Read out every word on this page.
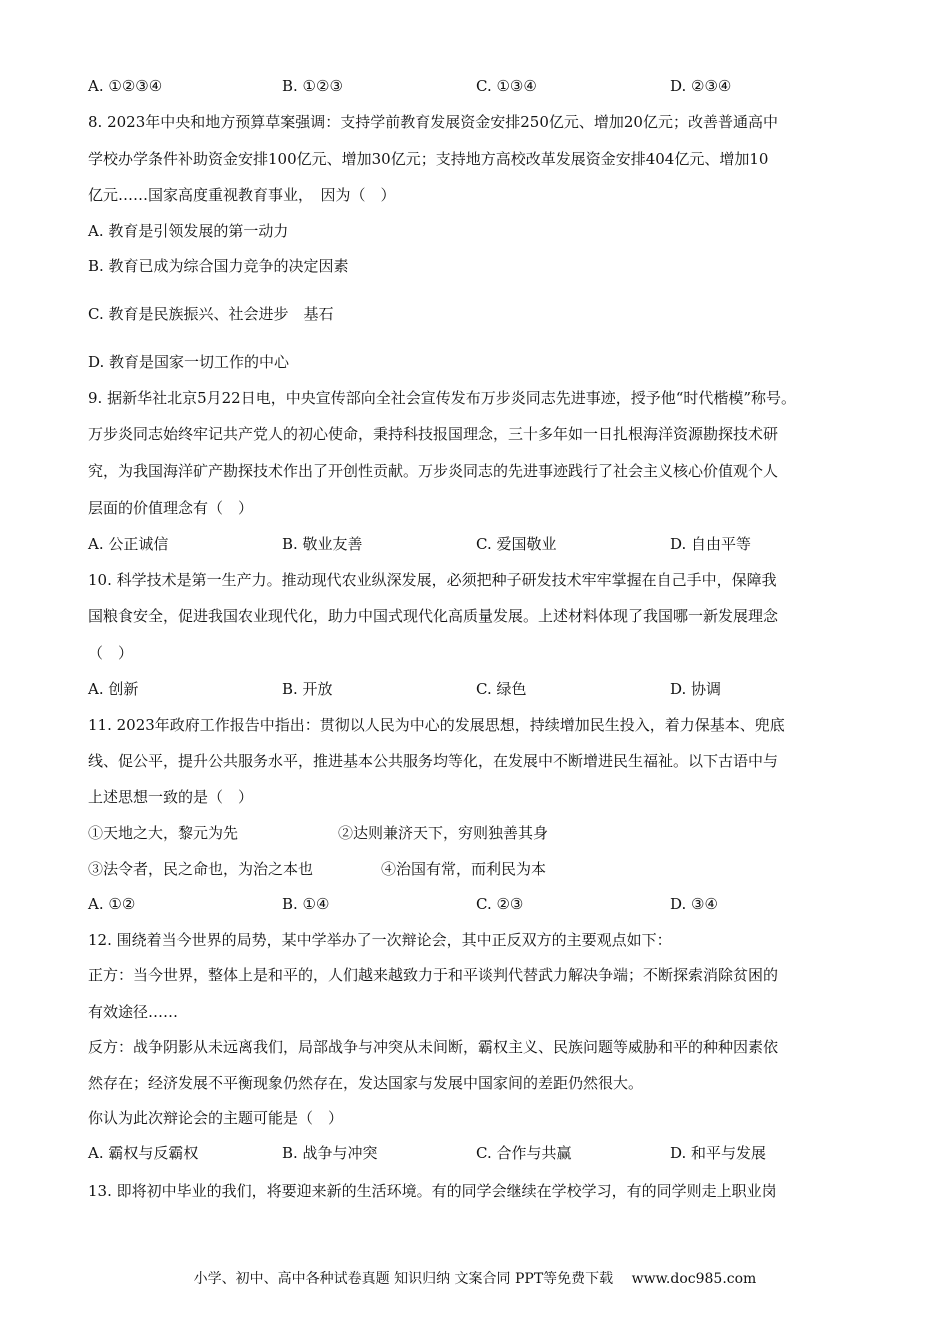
A. ①②③④	B. ①②③	C. ①③④	D. ②③④
8. 2023年中央和地方预算草案强调：支持学前教育发展资金安排250亿元、增加20亿元；改善普通高中
学校办学条件补助资金安排100亿元、增加30亿元；支持地方高校改革发展资金安排404亿元、增加10
亿元……国家高度重视教育事业，　因为（　）
A. 教育是引领发展的第一动力
B. 教育已成为综合国力竞争的决定因素
C. 教育是民族振兴、社会进步　基石
D. 教育是国家一切工作的中心
9. 据新华社北京5月22日电，中央宣传部向全社会宣传发布万步炎同志先进事迹，授予他“时代楷模”称号。
万步炎同志始终牢记共产党人的初心使命，秉持科技报国理念，三十多年如一日扎根海洋资源勘探技术研
究，为我国海洋矿产勘探技术作出了开创性贡献。万步炎同志的先进事迹践行了社会主义核心价值观个人
层面的价值理念有（　）
A. 公正诚信	B. 敬业友善	C. 爱国敬业	D. 自由平等
10. 科学技术是第一生产力。推动现代农业纵深发展，必须把种子研发技术牢牢掌握在自己手中，保障我
国粮食安全，促进我国农业现代化，助力中国式现代化高质量发展。上述材料体现了我国哪一新发展理念
（　）
A. 创新	B. 开放	C. 绿色	D. 协调
11. 2023年政府工作报告中指出：贯彻以人民为中心的发展思想，持续增加民生投入，着力保基本、兜底
线、促公平，提升公共服务水平，推进基本公共服务均等化，在发展中不断增进民生福祉。以下古语中与
上述思想一致的是（　）
①天地之大，黎元为先	②达则兼济天下，穷则独善其身
③法令者，民之命也，为治之本也	④治国有常，而利民为本
A. ①②	B. ①④	C. ②③	D. ③④
12. 围绕着当今世界的局势，某中学举办了一次辩论会，其中正反双方的主要观点如下：
正方：当今世界，整体上是和平的，人们越来越致力于和平谈判代替武力解决争端；不断探索消除贫困的
有效途径……
反方：战争阴影从未远离我们，局部战争与冲突从未间断，霸权主义、民族问题等威胁和平的种种因素依
然存在；经济发展不平衡现象仍然存在，发达国家与发展中国家间的差距仍然很大。
你认为此次辩论会的主题可能是（　）
A. 霸权与反霸权	B. 战争与冲突	C. 合作与共赢	D. 和平与发展
13. 即将初中毕业的我们，将要迎来新的生活环境。有的同学会继续在学校学习，有的同学则走上职业岗
小学、初中、高中各种试卷真题 知识归纳 文案合同 PPT等免费下载　 www.doc985.com
